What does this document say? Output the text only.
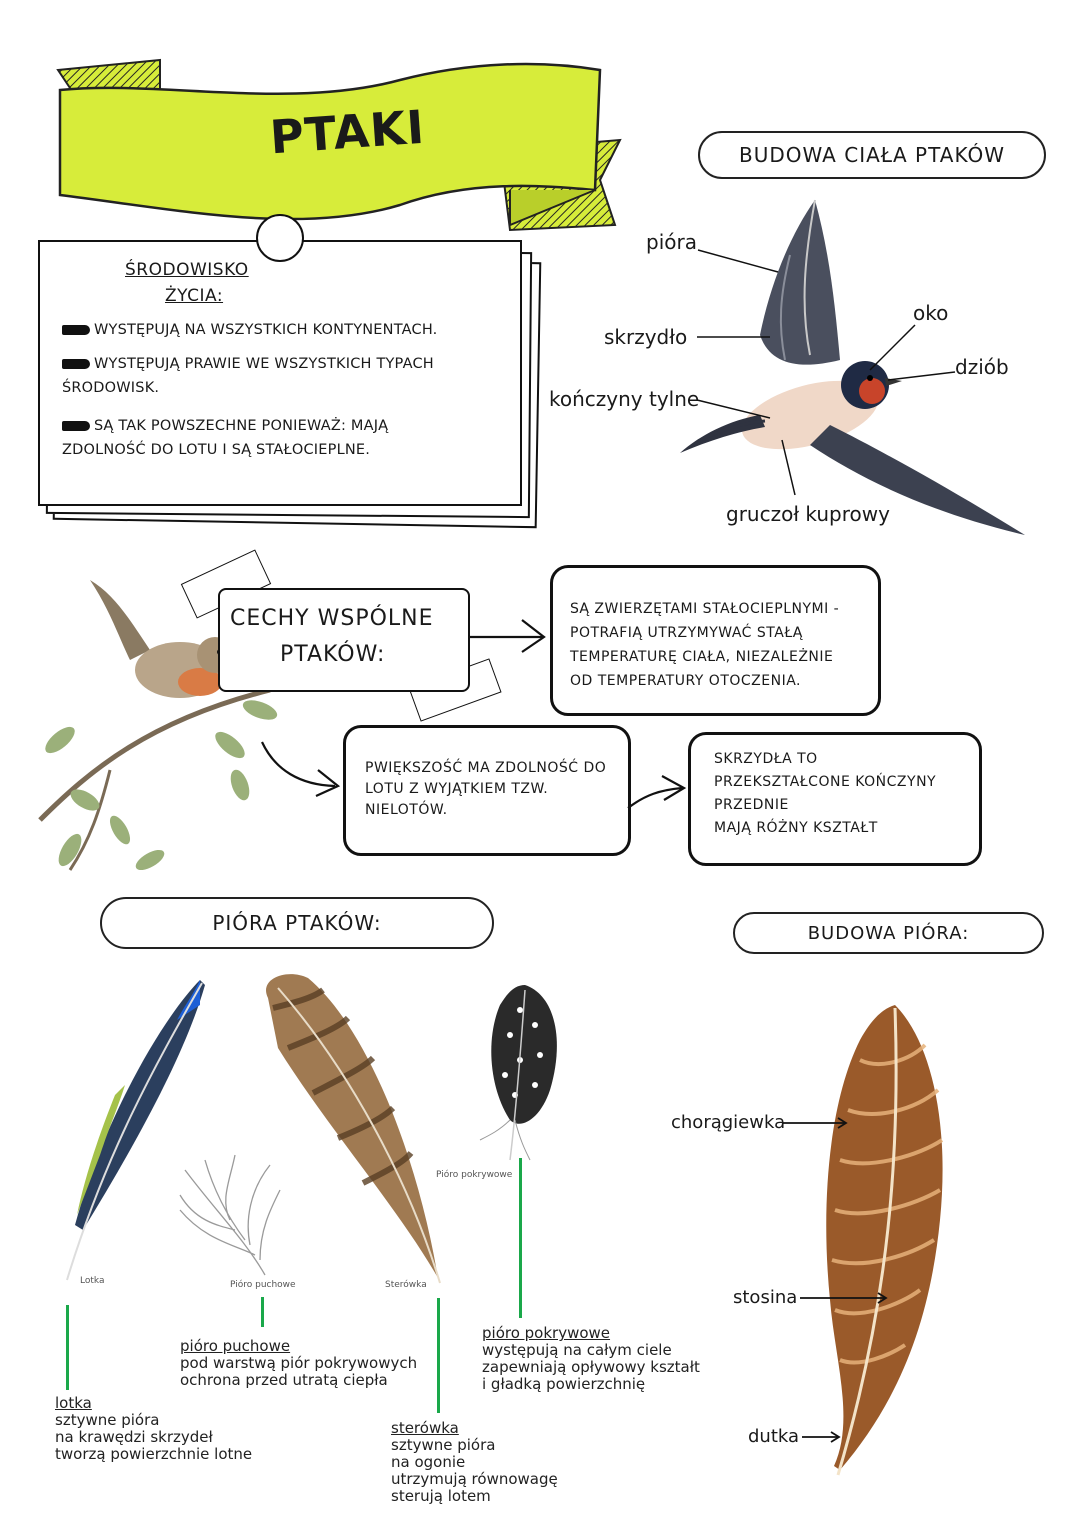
PTAKI
ŚRODOWISKO
ŻYCIA:
WYSTĘPUJĄ NA WSZYSTKICH KONTYNENTACH.
WYSTĘPUJĄ PRAWIE WE WSZYSTKICH TYPACH ŚRODOWISK.
SĄ TAK POWSZECHNE PONIEWAŻ: MAJĄ ZDOLNOŚĆ DO LOTU I SĄ STAŁOCIEPLNE.
BUDOWA CIAŁA PTAKÓW
pióra
skrzydło
kończyny tylne
oko
dziób
gruczoł kuprowy
CECHY WSPÓLNE
PTAKÓW:
SĄ ZWIERZĘTAMI STAŁOCIEPLNYMI -POTRAFIĄ UTRZYMYWAĆ STAŁĄ TEMPERATURĘ CIAŁA, NIEZALEŻNIE OD TEMPERATURY OTOCZENIA.
PWIĘKSZOŚĆ MA ZDOLNOŚĆ DO LOTU Z WYJĄTKIEM TZW. NIELOTÓW.
SKRZYDŁA TO
PRZEKSZTAŁCONE KOŃCZYNY
PRZEDNIE
MAJĄ RÓŻNY KSZTAŁT
PIÓRA PTAKÓW:
Lotka	Pióro puchowe	Sterówka
Pióro pokrywowe
lotka
sztywne pióra
na krawędzi skrzydeł
tworzą powierzchnie lotne
pióro puchowe
pod warstwą piór pokrywowych
ochrona przed utratą ciepła
sterówka
sztywne pióra
na ogonie
utrzymują równowagę
sterują lotem
pióro pokrywowe
występują na całym ciele
zapewniają opływowy kształt
i gładką powierzchnię
BUDOWA PIÓRA:
chorągiewka
stosina
dutka
